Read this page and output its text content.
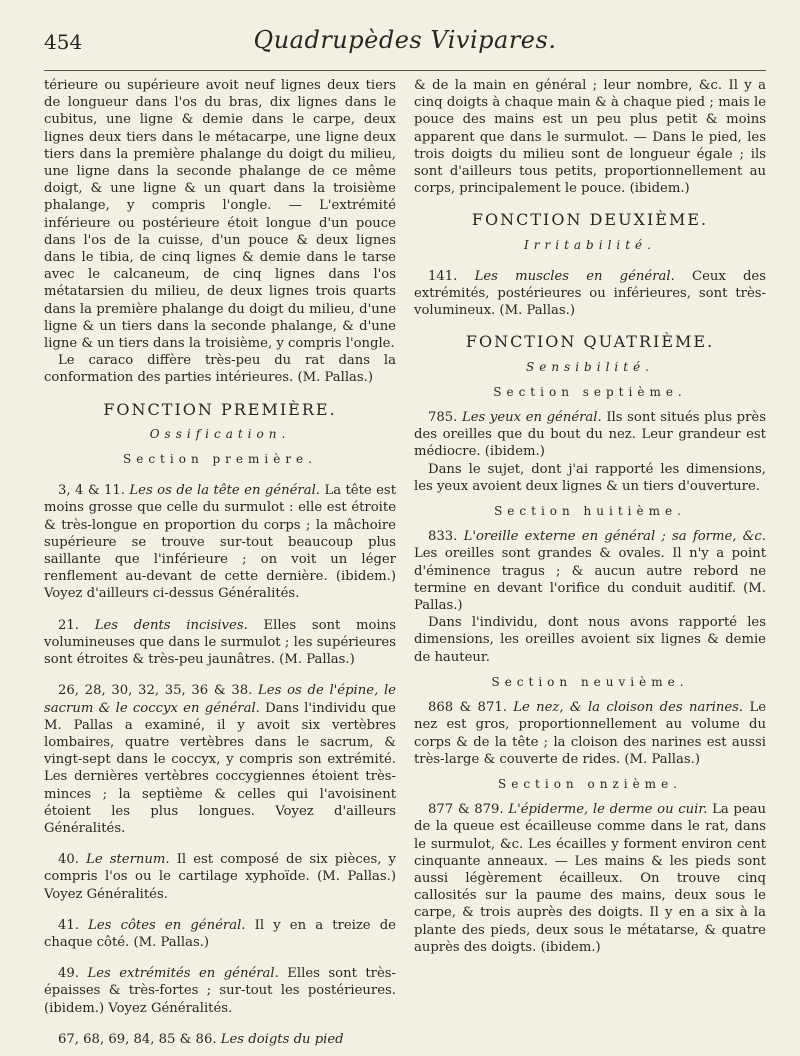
454	Quadrupèdes Vivipares.

térieure ou supérieure avoit neuf lignes deux tiers de longueur dans l'os du bras, dix lignes dans le cubitus, une ligne & demie dans le carpe, deux lignes deux tiers dans le métacarpe, une ligne deux tiers dans la première phalange du doigt du milieu, une ligne dans la seconde phalange de ce même doigt, & une ligne & un quart dans la troisième phalange, y compris l'ongle. — L'extrémité inférieure ou postérieure étoit longue d'un pouce dans l'os de la cuisse, d'un pouce & deux lignes dans le tibia, de cinq lignes & demie dans le tarse avec le calcaneum, de cinq lignes dans l'os métatarsien du milieu, de deux lignes trois quarts dans la première phalange du doigt du milieu, d'une ligne & un tiers dans la seconde phalange, & d'une ligne & un tiers dans la troisième, y compris l'ongle.

Le caraco diffère très-peu du rat dans la conformation des parties intérieures. (M. Pallas.)

FONCTION PREMIÈRE.
Ossification.
Section première.

3, 4 & 11. Les os de la tête en général. La tête est moins grosse que celle du surmulot : elle est étroite & très-longue en proportion du corps ; la mâchoire supérieure se trouve sur-tout beaucoup plus saillante que l'inférieure ; on voit un léger renflement au-devant de cette dernière. (ibidem.) Voyez d'ailleurs ci-dessus Généralités.

21. Les dents incisives. Elles sont moins volumineuses que dans le surmulot ; les supérieures sont étroites & très-peu jaunâtres. (M. Pallas.)

26, 28, 30, 32, 35, 36 & 38. Les os de l'épine, le sacrum & le coccyx en général. Dans l'individu que M. Pallas a examiné, il y avoit six vertèbres lombaires, quatre vertèbres dans le sacrum, & vingt-sept dans le coccyx, y compris son extrémité. Les dernières vertèbres coccygiennes étoient très-minces ; la septième & celles qui l'avoisinent étoient les plus longues. Voyez d'ailleurs Généralités.

40. Le sternum. Il est composé de six pièces, y compris l'os ou le cartilage xyphoïde. (M. Pallas.) Voyez Généralités.

41. Les côtes en général. Il y en a treize de chaque côté. (M. Pallas.)

49. Les extrémités en général. Elles sont très-épaisses & très-fortes ; sur-tout les postérieures. (ibidem.) Voyez Généralités.

67, 68, 69, 84, 85 & 86. Les doigts du pied

& de la main en général ; leur nombre, &c. Il y a cinq doigts à chaque main & à chaque pied ; mais le pouce des mains est un peu plus petit & moins apparent que dans le surmulot. — Dans le pied, les trois doigts du milieu sont de longueur égale ; ils sont d'ailleurs tous petits, proportionnellement au corps, principalement le pouce. (ibidem.)

FONCTION DEUXIÈME.
Irritabilité.

141. Les muscles en général. Ceux des extrémités, postérieures ou inférieures, sont très-volumineux. (M. Pallas.)

FONCTION QUATRIÈME.
Sensibilité.
Section septième.

785. Les yeux en général. Ils sont situés plus près des oreilles que du bout du nez. Leur grandeur est médiocre. (ibidem.)

Dans le sujet, dont j'ai rapporté les dimensions, les yeux avoient deux lignes & un tiers d'ouverture.

Section huitième.

833. L'oreille externe en général ; sa forme, &c. Les oreilles sont grandes & ovales. Il n'y a point d'éminence tragus ; & aucun autre rebord ne termine en devant l'orifice du conduit auditif. (M. Pallas.)

Dans l'individu, dont nous avons rapporté les dimensions, les oreilles avoient six lignes & demie de hauteur.

Section neuvième.

868 & 871. Le nez, & la cloison des narines. Le nez est gros, proportionnellement au volume du corps & de la tête ; la cloison des narines est aussi très-large & couverte de rides. (M. Pallas.)

Section onzième.

877 & 879. L'épiderme, le derme ou cuir. La peau de la queue est écailleuse comme dans le rat, dans le surmulot, &c. Les écailles y forment environ cent cinquante anneaux. — Les mains & les pieds sont aussi légèrement écailleux. On trouve cinq callosités sur la paume des mains, deux sous le carpe, & trois auprès des doigts. Il y en a six à la plante des pieds, deux sous le métatarse, & quatre auprès des doigts. (ibidem.)
